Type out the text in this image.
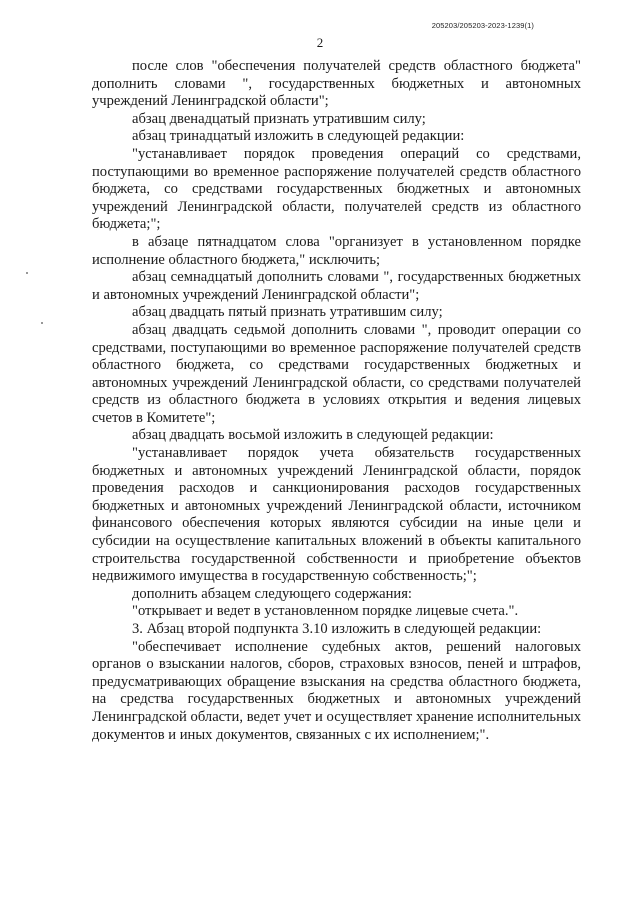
205203/205203-2023-1239(1)
2

после слов "обеспечения получателей средств областного бюджета" дополнить словами ", государственных бюджетных и автономных учреждений Ленинградской области";

абзац двенадцатый признать утратившим силу;

абзац тринадцатый изложить в следующей редакции:

"устанавливает порядок проведения операций со средствами, поступающими во временное распоряжение получателей средств областного бюджета, со средствами государственных бюджетных и автономных учреждений Ленинградской области, получателей средств из областного бюджета;";

в абзаце пятнадцатом слова "организует в установленном порядке исполнение областного бюджета," исключить;

абзац семнадцатый дополнить словами ", государственных бюджетных и автономных учреждений Ленинградской области";

абзац двадцать пятый признать утратившим силу;

абзац двадцать седьмой дополнить словами ", проводит операции со средствами, поступающими во временное распоряжение получателей средств областного бюджета, со средствами государственных бюджетных и автономных учреждений Ленинградской области, со средствами получателей средств из областного бюджета в условиях открытия и ведения лицевых счетов в Комитете";

абзац двадцать восьмой изложить в следующей редакции:

"устанавливает порядок учета обязательств государственных бюджетных и автономных учреждений Ленинградской области, порядок проведения расходов и санкционирования расходов государственных бюджетных и автономных учреждений Ленинградской области, источником финансового обеспечения которых являются субсидии на иные цели и субсидии на осуществление капитальных вложений в объекты капитального строительства государственной собственности и приобретение объектов недвижимого имущества в государственную собственность;";

дополнить абзацем следующего содержания:

"открывает и ведет в установленном порядке лицевые счета.".

3. Абзац второй подпункта 3.10 изложить в следующей редакции:

"обеспечивает исполнение судебных актов, решений налоговых органов о взыскании налогов, сборов, страховых взносов, пеней и штрафов, предусматривающих обращение взыскания на средства областного бюджета, на средства государственных бюджетных и автономных учреждений Ленинградской области, ведет учет и осуществляет хранение исполнительных документов и иных документов, связанных с их исполнением;".
